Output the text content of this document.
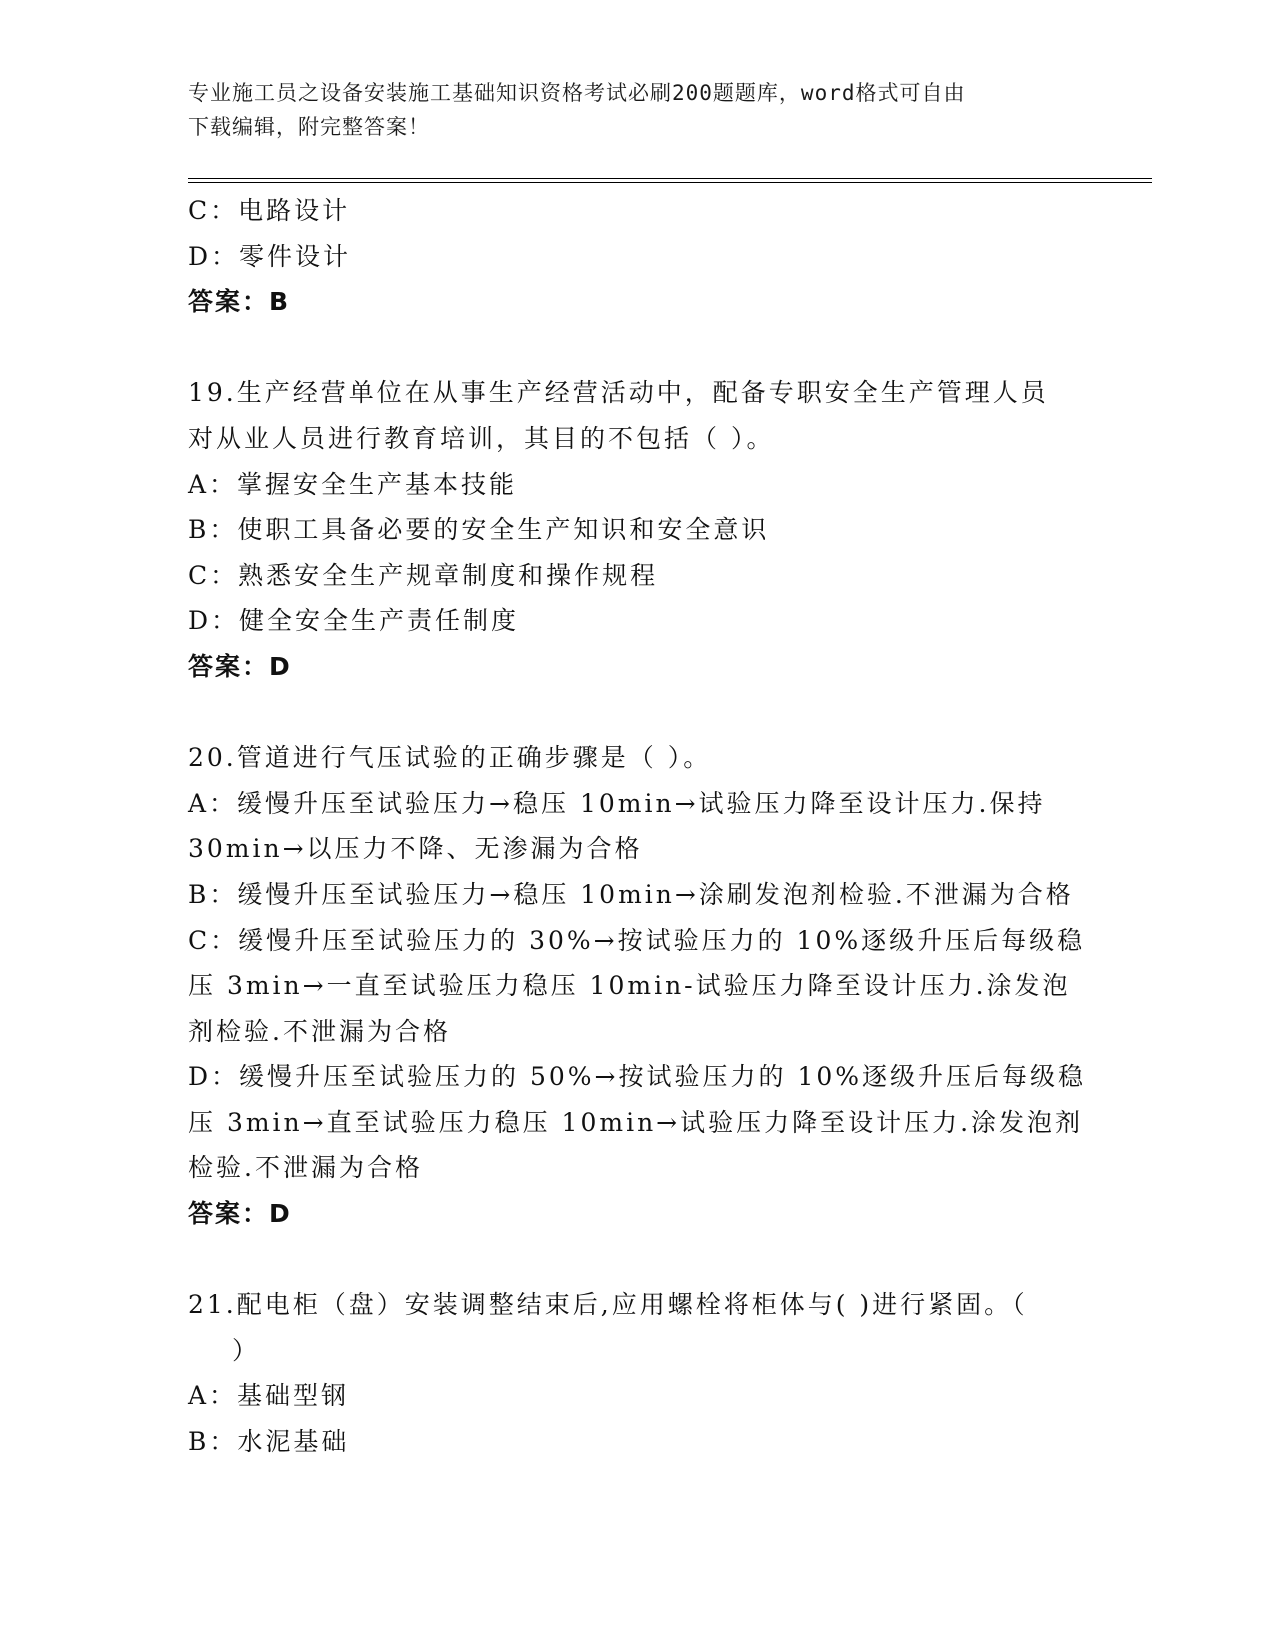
专业施工员之设备安装施工基础知识资格考试必刷200题题库，word格式可自由
下载编辑，附完整答案！
C：电路设计
D：零件设计
答案：B
19.生产经营单位在从事生产经营活动中，配备专职安全生产管理人员
对从业人员进行教育培训，其目的不包括（ ）。
A：掌握安全生产基本技能
B：使职工具备必要的安全生产知识和安全意识
C：熟悉安全生产规章制度和操作规程
D：健全安全生产责任制度
答案：D
20.管道进行气压试验的正确步骤是（ ）。
A：缓慢升压至试验压力→稳压 10min→试验压力降至设计压力.保持
30min→以压力不降、无渗漏为合格
B：缓慢升压至试验压力→稳压 10min→涂刷发泡剂检验.不泄漏为合格
C：缓慢升压至试验压力的 30%→按试验压力的 10%逐级升压后每级稳
压 3min→一直至试验压力稳压 10min-试验压力降至设计压力.涂发泡
剂检验.不泄漏为合格
D：缓慢升压至试验压力的 50%→按试验压力的 10%逐级升压后每级稳
压 3min→直至试验压力稳压 10min→试验压力降至设计压力.涂发泡剂
检验.不泄漏为合格
答案：D
21.配电柜（盘）安装调整结束后,应用螺栓将柜体与( )进行紧固。（
）
A：基础型钢
B：水泥基础
